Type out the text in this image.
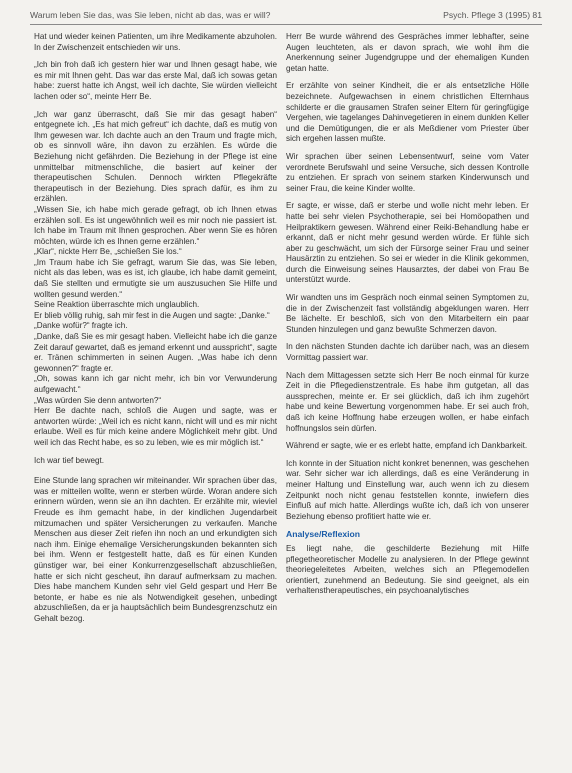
Warum leben Sie das, was Sie leben, nicht ab das, was er will?	Psych. Pflege 3 (1995) 81

Hat und wieder keinen Patienten, um ihre Medikamente abzuholen. In der Zwischenzeit entschieden wir uns.

„Ich bin froh daß ich gestern hier war und Ihnen gesagt habe, wie es mir mit Ihnen geht. Das war das erste Mal, daß ich sowas getan habe: zuerst hatte ich Angst, weil ich dachte, Sie würden vielleicht lachen oder so“, meinte Herr Be.

„Ich war ganz überrascht, daß Sie mir das gesagt haben“ entgegnete ich. „Es hat mich gefreut“ ich dachte, daß es mutig von Ihm gewesen war. Ich dachte auch an den Traum und fragte mich, ob es sinnvoll wäre, ihn davon zu erzählen. Es würde die Beziehung nicht gefährden. Die Beziehung in der Pflege ist eine unmittelbar mitmenschliche, die basiert auf keiner der therapeutischen Schulen. Dennoch wirkten Pflegekräfte therapeutisch in der Beziehung. Dies sprach dafür, es ihm zu erzählen.

„Wissen Sie, ich habe mich gerade gefragt, ob ich Ihnen etwas erzählen soll. Es ist ungewöhnlich weil es mir noch nie passiert ist. Ich habe im Traum mit Ihnen gesprochen. Aber wenn Sie es hören möchten, würde ich es Ihnen gerne erzählen.“

„Klar“, nickte Herr Be, „schießen Sie los.“

„Im Traum habe ich Sie gefragt, warum Sie das, was Sie leben, nicht als das leben, was es ist, ich glaube, ich habe damit gemeint, daß Sie stellten und ermutigte sie um auszusuchen Sie Hilfe und wollten gesund werden.“

Seine Reaktion überraschte mich unglaublich.

Er blieb völlig ruhig, sah mir fest in die Augen und sagte: „Danke.“

„Danke wofür?“ fragte ich.

„Danke, daß Sie es mir gesagt haben. Vielleicht habe ich die ganze Zeit darauf gewartet, daß es jemand erkennt und ausspricht“, sagte er. Tränen schimmerten in seinen Augen. „Was habe ich denn gewonnen?“ fragte er.

„Oh, sowas kann ich gar nicht mehr, ich bin vor Verwunderung aufgewacht.“

„Was würden Sie denn antworten?“

Herr Be dachte nach, schloß die Augen und sagte, was er antworten würde: „Weil ich es nicht kann, nicht will und es mir nicht erlaube. Weil es für mich keine andere Möglichkeit mehr gibt. Und weil ich das Recht habe, es so zu leben, wie es mir möglich ist.“

Ich war tief bewegt.

Eine Stunde lang sprachen wir miteinander. Wir sprachen über das, was er mitteilen wollte, wenn er sterben würde. Woran andere sich erinnern würden, wenn sie an ihn dachten. Er erzählte mir, wieviel Freude es ihm gemacht habe, in der kindlichen Jugendarbeit mitzumachen und später Versicherungen zu verkaufen. Manche Menschen aus dieser Zeit riefen ihn noch an und erkundigten sich nach ihm. Einige ehemalige Versicherungskunden bekannten sich bei ihm. Wenn er festgestellt hatte, daß es für einen Kunden günstiger war, bei einer Konkurrenzgesellschaft abzuschließen, hatte er sich nicht gescheut, ihn darauf aufmerksam zu machen. Dies habe manchem Kunden sehr viel Geld gespart und Herr Be betonte, er habe es nie als Notwendigkeit gesehen, unbedingt abzuschließen, da er ja hauptsächlich beim Bundesgrenzschutz ein Gehalt bezog.

Herr Be wurde während des Gespräches immer lebhafter, seine Augen leuchteten, als er davon sprach, wie wohl ihm die Anerkennung seiner Jugendgruppe und der ehemaligen Kunden getan hatte.

Er erzählte von seiner Kindheit, die er als entsetzliche Hölle bezeichnete. Aufgewachsen in einem christlichen Elternhaus schilderte er die grausamen Strafen seiner Eltern für geringfügige Vergehen, wie tagelanges Dahinvegetieren in einem dunklen Keller und die Demütigungen, die er als Meßdiener vom Priester über sich ergehen lassen mußte.

Wir sprachen über seinen Lebensentwurf, seine vom Vater verordnete Berufswahl und seine Versuche, sich dessen Kontrolle zu entziehen. Er sprach von seinem starken Kinderwunsch und seiner Frau, die keine Kinder wollte.

Er sagte, er wisse, daß er sterbe und wolle nicht mehr leben. Er hatte bei sehr vielen Psychotherapie, sei bei Homöopathen und Heilpraktikern gewesen. Während einer Reiki-Behandlung habe er erkannt, daß er nicht mehr gesund werden würde. Er fühle sich aber zu geschwächt, um sich der Fürsorge seiner Frau und seiner Hausärztin zu entziehen. So sei er wieder in die Klinik gekommen, durch die Einweisung seines Hausarztes, der dabei von Frau Be unterstützt wurde.

Wir wandten uns im Gespräch noch einmal seinen Symptomen zu, die in der Zwischenzeit fast vollständig abgeklungen waren. Herr Be lächelte. Er beschloß, sich von den Mitarbeitern ein paar Stunden hinzulegen und ganz bewußte Schmerzen davon.

In den nächsten Stunden dachte ich darüber nach, was an diesem Vormittag passiert war.

Nach dem Mittagessen setzte sich Herr Be noch einmal für kurze Zeit in die Pflegedienstzentrale. Es habe ihm gutgetan, all das aussprechen, meinte er. Er sei glücklich, daß ich ihm zugehört habe und keine Bewertung vorgenommen habe. Er sei auch froh, daß ich keine Hoffnung habe erzeugen wollen, er habe einfach hoffnungslos sein dürfen.

Während er sagte, wie er es erlebt hatte, empfand ich Dankbarkeit.

Ich konnte in der Situation nicht konkret benennen, was geschehen war. Sehr sicher war ich allerdings, daß es eine Veränderung in meiner Haltung und Einstellung war, auch wenn ich zu diesem Zeitpunkt noch nicht genau feststellen konnte, inwiefern dies Einfluß auf mich hatte. Allerdings wußte ich, daß ich von unserer Beziehung ebenso profitiert hatte wie er.

Analyse/Reflexion

Es liegt nahe, die geschilderte Beziehung mit Hilfe pflegetheoretischer Modelle zu analysieren. In der Pflege gewinnt theoriegeleitetes Arbeiten, welches sich an Pflegemodellen orientiert, zunehmend an Bedeutung. Sie sind geeignet, als ein verhaltenstherapeutisches, ein psychoanalytisches
